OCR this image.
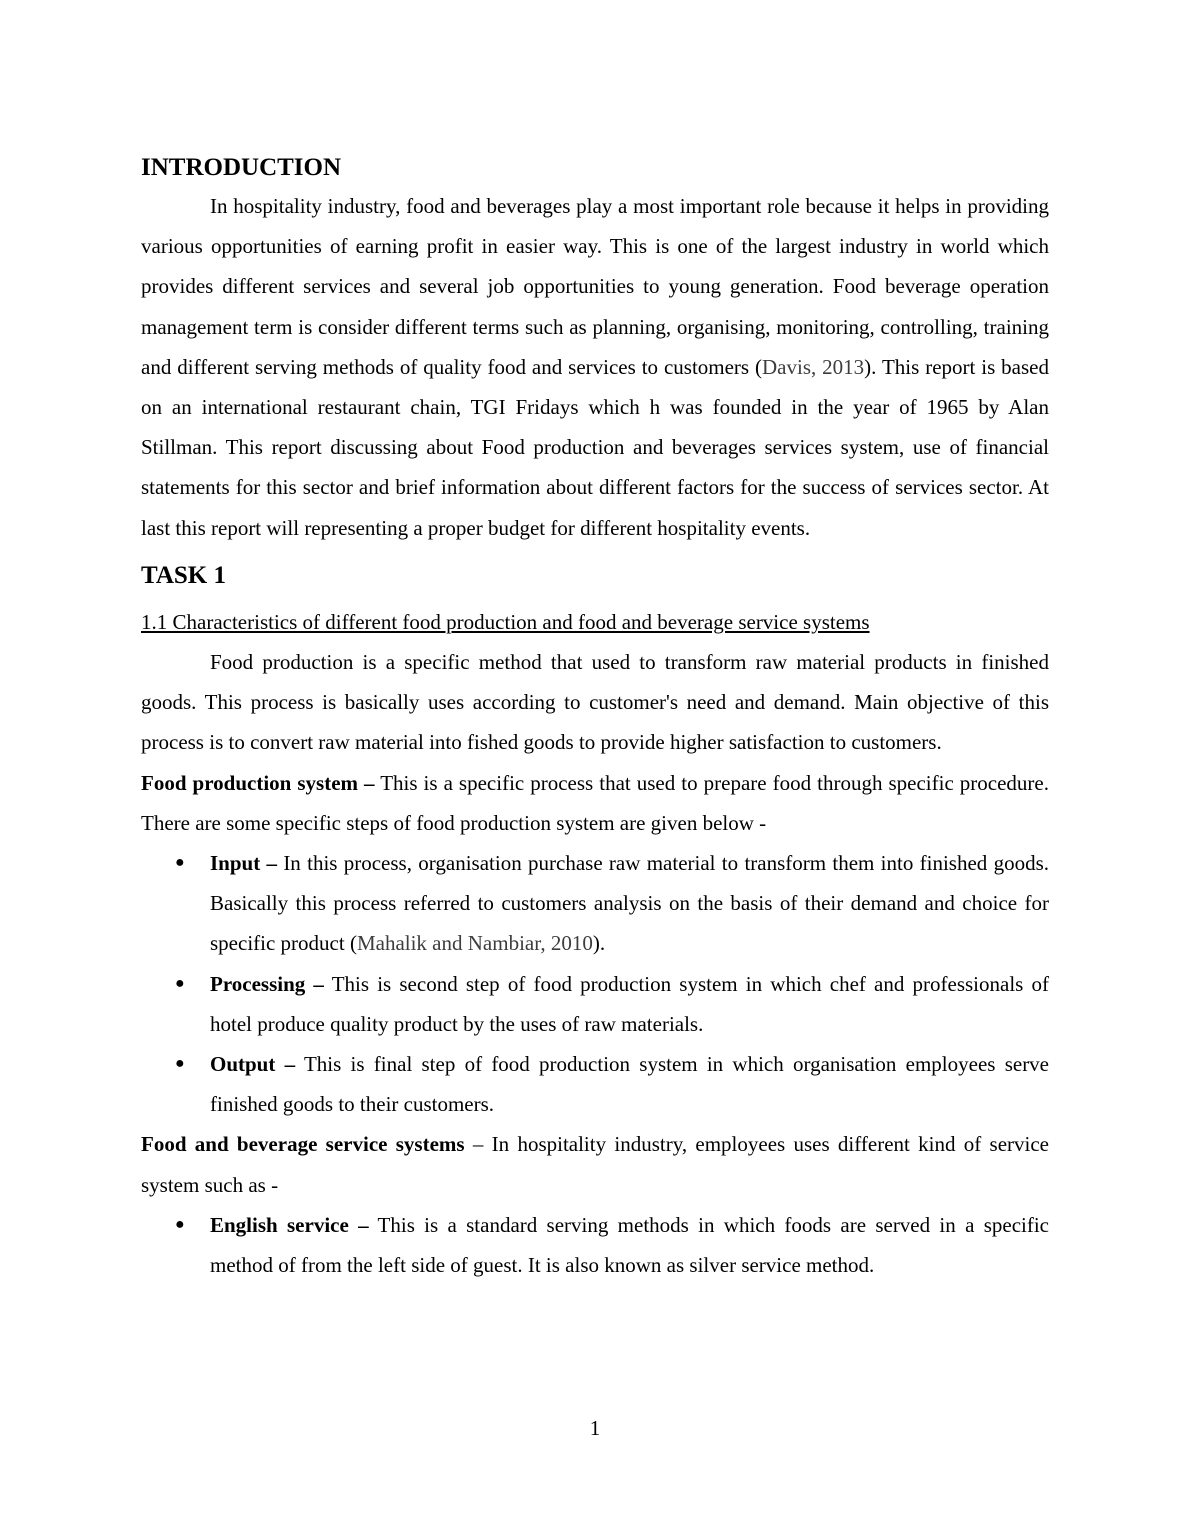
INTRODUCTION

In hospitality industry, food and beverages play a most important role because it helps in providing various opportunities of earning profit in easier way. This is one of the largest industry in world which provides different services and several job opportunities to young generation. Food beverage operation management term is consider different terms such as planning, organising, monitoring, controlling, training and different serving methods of quality food and services to customers (Davis, 2013). This report is based on an international restaurant chain, TGI Fridays which h was founded in the year of 1965 by Alan Stillman. This report discussing about Food production and beverages services system, use of financial statements for this sector and brief information about different factors for the success of services sector. At last this report will representing a proper budget for different hospitality events.

TASK 1

1.1 Characteristics of different food production and food and beverage service systems

Food production is a specific method that used to transform raw material products in finished goods. This process is basically uses according to customer's need and demand. Main objective of this process is to convert raw material into fished goods to provide higher satisfaction to customers.

Food production system – This is a specific process that used to prepare food through specific procedure. There are some specific steps of food production system are given below -

● Input – In this process, organisation purchase raw material to transform them into finished goods. Basically this process referred to customers analysis on the basis of their demand and choice for specific product (Mahalik and Nambiar, 2010).
● Processing – This is second step of food production system in which chef and professionals of hotel produce quality product by the uses of raw materials.
● Output – This is final step of food production system in which organisation employees serve finished goods to their customers.

Food and beverage service systems – In hospitality industry, employees uses different kind of service system such as -

● English service – This is a standard serving methods in which foods are served in a specific method of from the left side of guest. It is also known as silver service method.
1
